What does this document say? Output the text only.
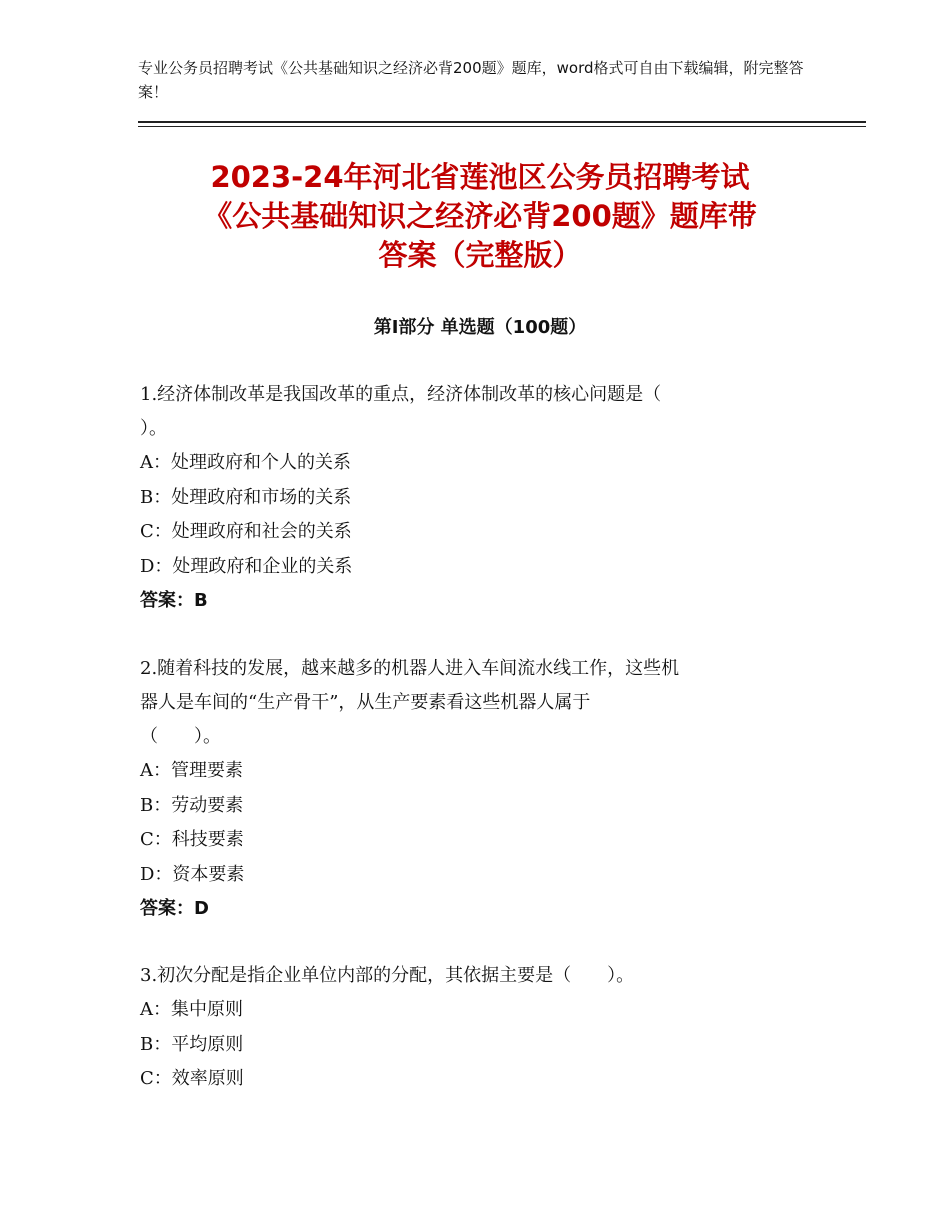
专业公务员招聘考试《公共基础知识之经济必背200题》题库，word格式可自由下载编辑，附完整答案！
2023-24年河北省莲池区公务员招聘考试
《公共基础知识之经济必背200题》题库带
答案（完整版）
第Ⅰ部分 单选题（100题）

1.经济体制改革是我国改革的重点，经济体制改革的核心问题是（

）。

A：处理政府和个人的关系

B：处理政府和市场的关系

C：处理政府和社会的关系

D：处理政府和企业的关系

答案：B

2.随着科技的发展，越来越多的机器人进入车间流水线工作，这些机

器人是车间的“生产骨干”，从生产要素看这些机器人属于

（　　）。

A：管理要素

B：劳动要素

C：科技要素

D：资本要素

答案：D

3.初次分配是指企业单位内部的分配，其依据主要是（　　）。

A：集中原则

B：平均原则

C：效率原则
